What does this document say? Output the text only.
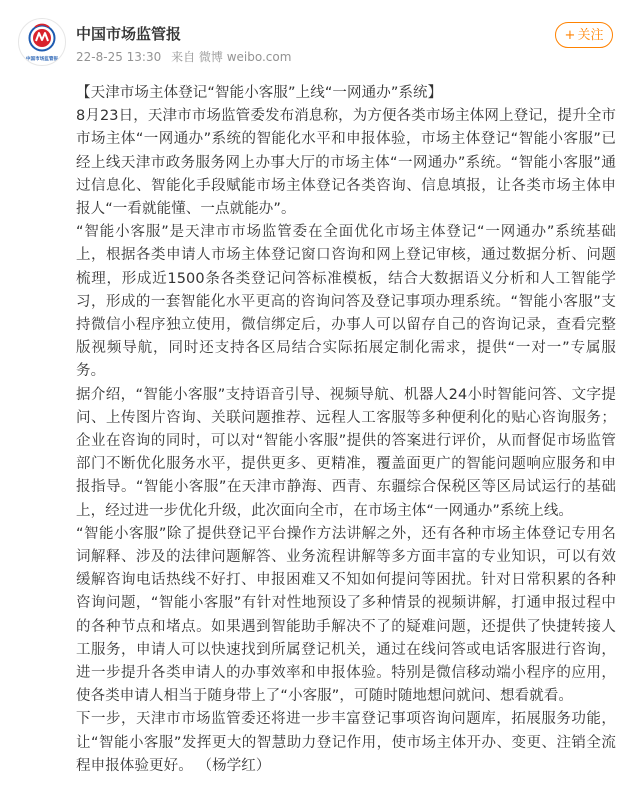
中国市场监管报
中国市场监管报
22-8-25 13:30 来自 微博 weibo.com
+ 关注

【天津市场主体登记“智能小客服”上线“一网通办”系统】

8月23日，天津市市场监管委发布消息称，为方便各类市场主体网上登记，提升全市市场主体“一网通办”系统的智能化水平和申报体验，市场主体登记“智能小客服”已经上线天津市政务服务网上办事大厅的市场主体“一网通办”系统。“智能小客服”通过信息化、智能化手段赋能市场主体登记各类咨询、信息填报，让各类市场主体申报人“一看就能懂、一点就能办”。

“智能小客服”是天津市市场监管委在全面优化市场主体登记“一网通办”系统基础上，根据各类申请人市场主体登记窗口咨询和网上登记审核，通过数据分析、问题梳理，形成近1500条各类登记问答标准模板，结合大数据语义分析和人工智能学习，形成的一套智能化水平更高的咨询问答及登记事项办理系统。“智能小客服”支持微信小程序独立使用，微信绑定后，办事人可以留存自己的咨询记录，查看完整版视频导航，同时还支持各区局结合实际拓展定制化需求，提供“一对一”专属服务。

据介绍，“智能小客服”支持语音引导、视频导航、机器人24小时智能问答、文字提问、上传图片咨询、关联问题推荐、远程人工客服等多种便利化的贴心咨询服务；企业在咨询的同时，可以对“智能小客服”提供的答案进行评价，从而督促市场监管部门不断优化服务水平，提供更多、更精准，覆盖面更广的智能问题响应服务和申报指导。“智能小客服”在天津市静海、西青、东疆综合保税区等区局试运行的基础上，经过进一步优化升级，此次面向全市，在市场主体“一网通办”系统上线。

“智能小客服”除了提供登记平台操作方法讲解之外，还有各种市场主体登记专用名词解释、涉及的法律问题解答、业务流程讲解等多方面丰富的专业知识，可以有效缓解咨询电话热线不好打、申报困难又不知如何提问等困扰。针对日常积累的各种咨询问题，“智能小客服”有针对性地预设了多种情景的视频讲解，打通申报过程中的各种节点和堵点。如果遇到智能助手解决不了的疑难问题，还提供了快捷转接人工服务，申请人可以快速找到所属登记机关，通过在线问答或电话客服进行咨询，进一步提升各类申请人的办事效率和申报体验。特别是微信移动端小程序的应用，使各类申请人相当于随身带上了“小客服”，可随时随地想问就问、想看就看。

下一步，天津市市场监管委还将进一步丰富登记事项咨询问题库，拓展服务功能，让“智能小客服”发挥更大的智慧助力登记作用，使市场主体开办、变更、注销全流程申报体验更好。 （杨学红）
